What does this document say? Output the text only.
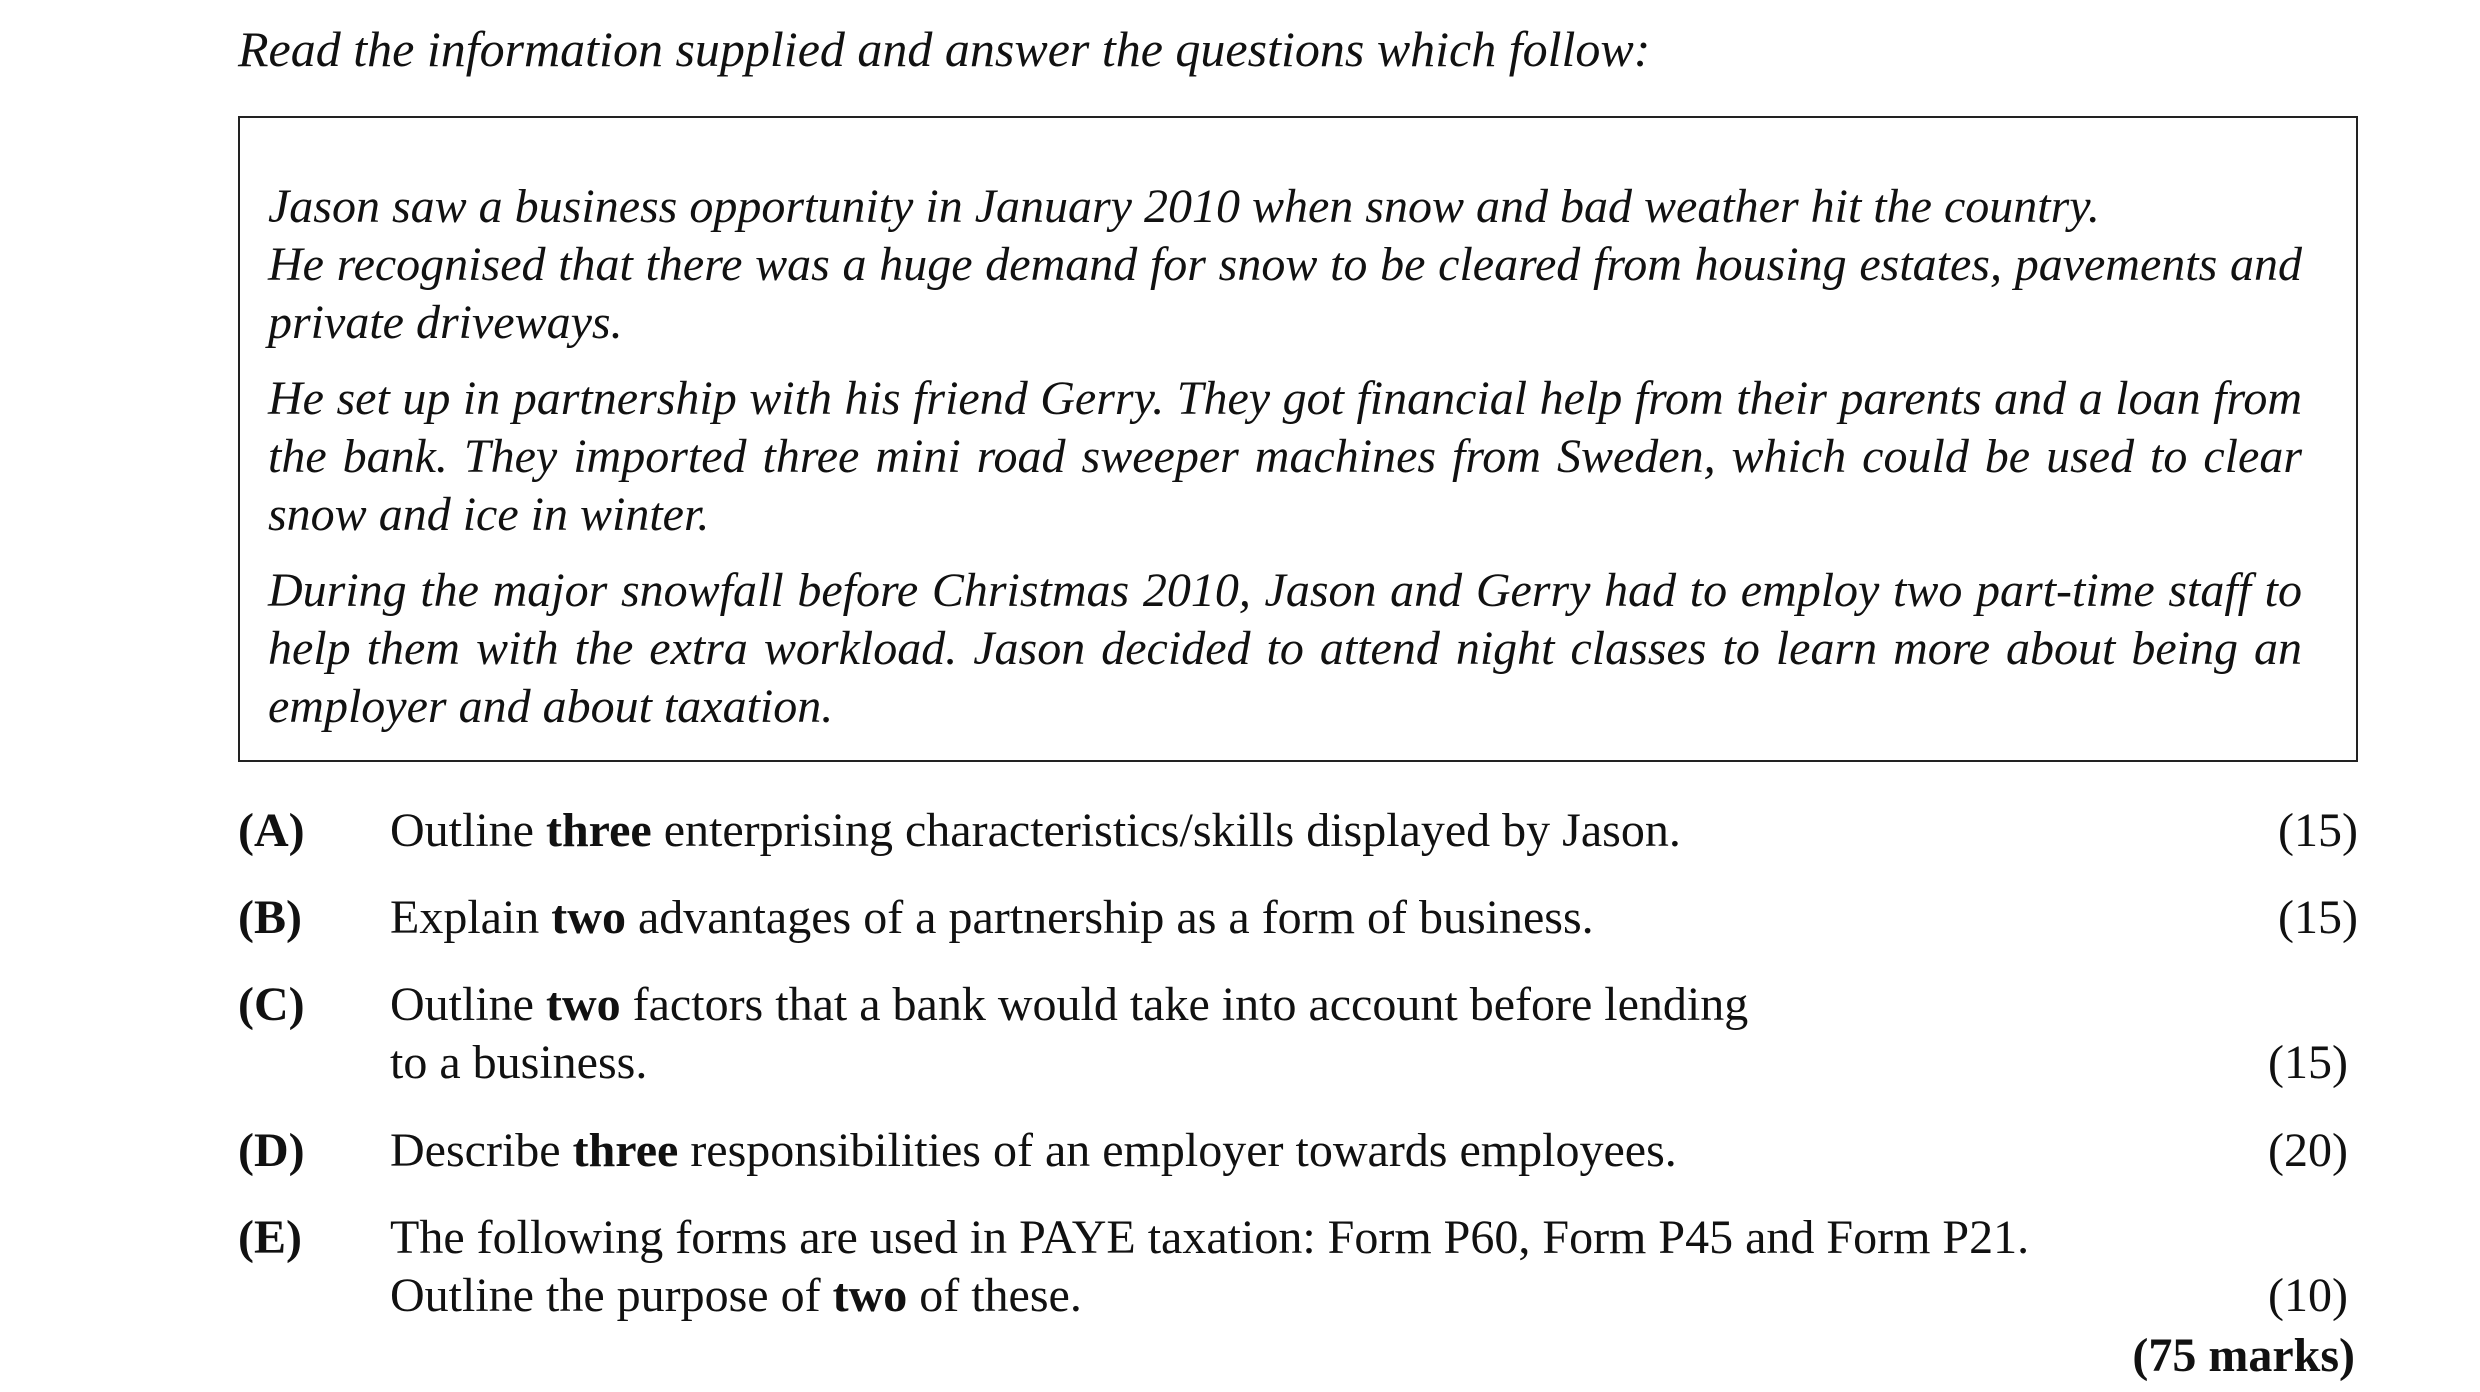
Read the information supplied and answer the questions which follow:

Jason saw a business opportunity in January 2010 when snow and bad weather hit the country.
He recognised that there was a huge demand for snow to be cleared from housing estates, pavements and private driveways.

He set up in partnership with his friend Gerry. They got financial help from their parents and a loan from the bank. They imported three mini road sweeper machines from Sweden, which could be used to clear snow and ice in winter.

During the major snowfall before Christmas 2010, Jason and Gerry had to employ two part-time staff to help them with the extra workload. Jason decided to attend night classes to learn more about being an employer and about taxation.

(A) Outline three enterprising characteristics/skills displayed by Jason.	(15)
(B) Explain two advantages of a partnership as a form of business.	(15)
(C) Outline two factors that a bank would take into account before lending
to a business.	(15)
(D) Describe three responsibilities of an employer towards employees.	(20)
(E) The following forms are used in PAYE taxation: Form P60, Form P45 and Form P21.
Outline the purpose of two of these.	(10)
(75 marks)
